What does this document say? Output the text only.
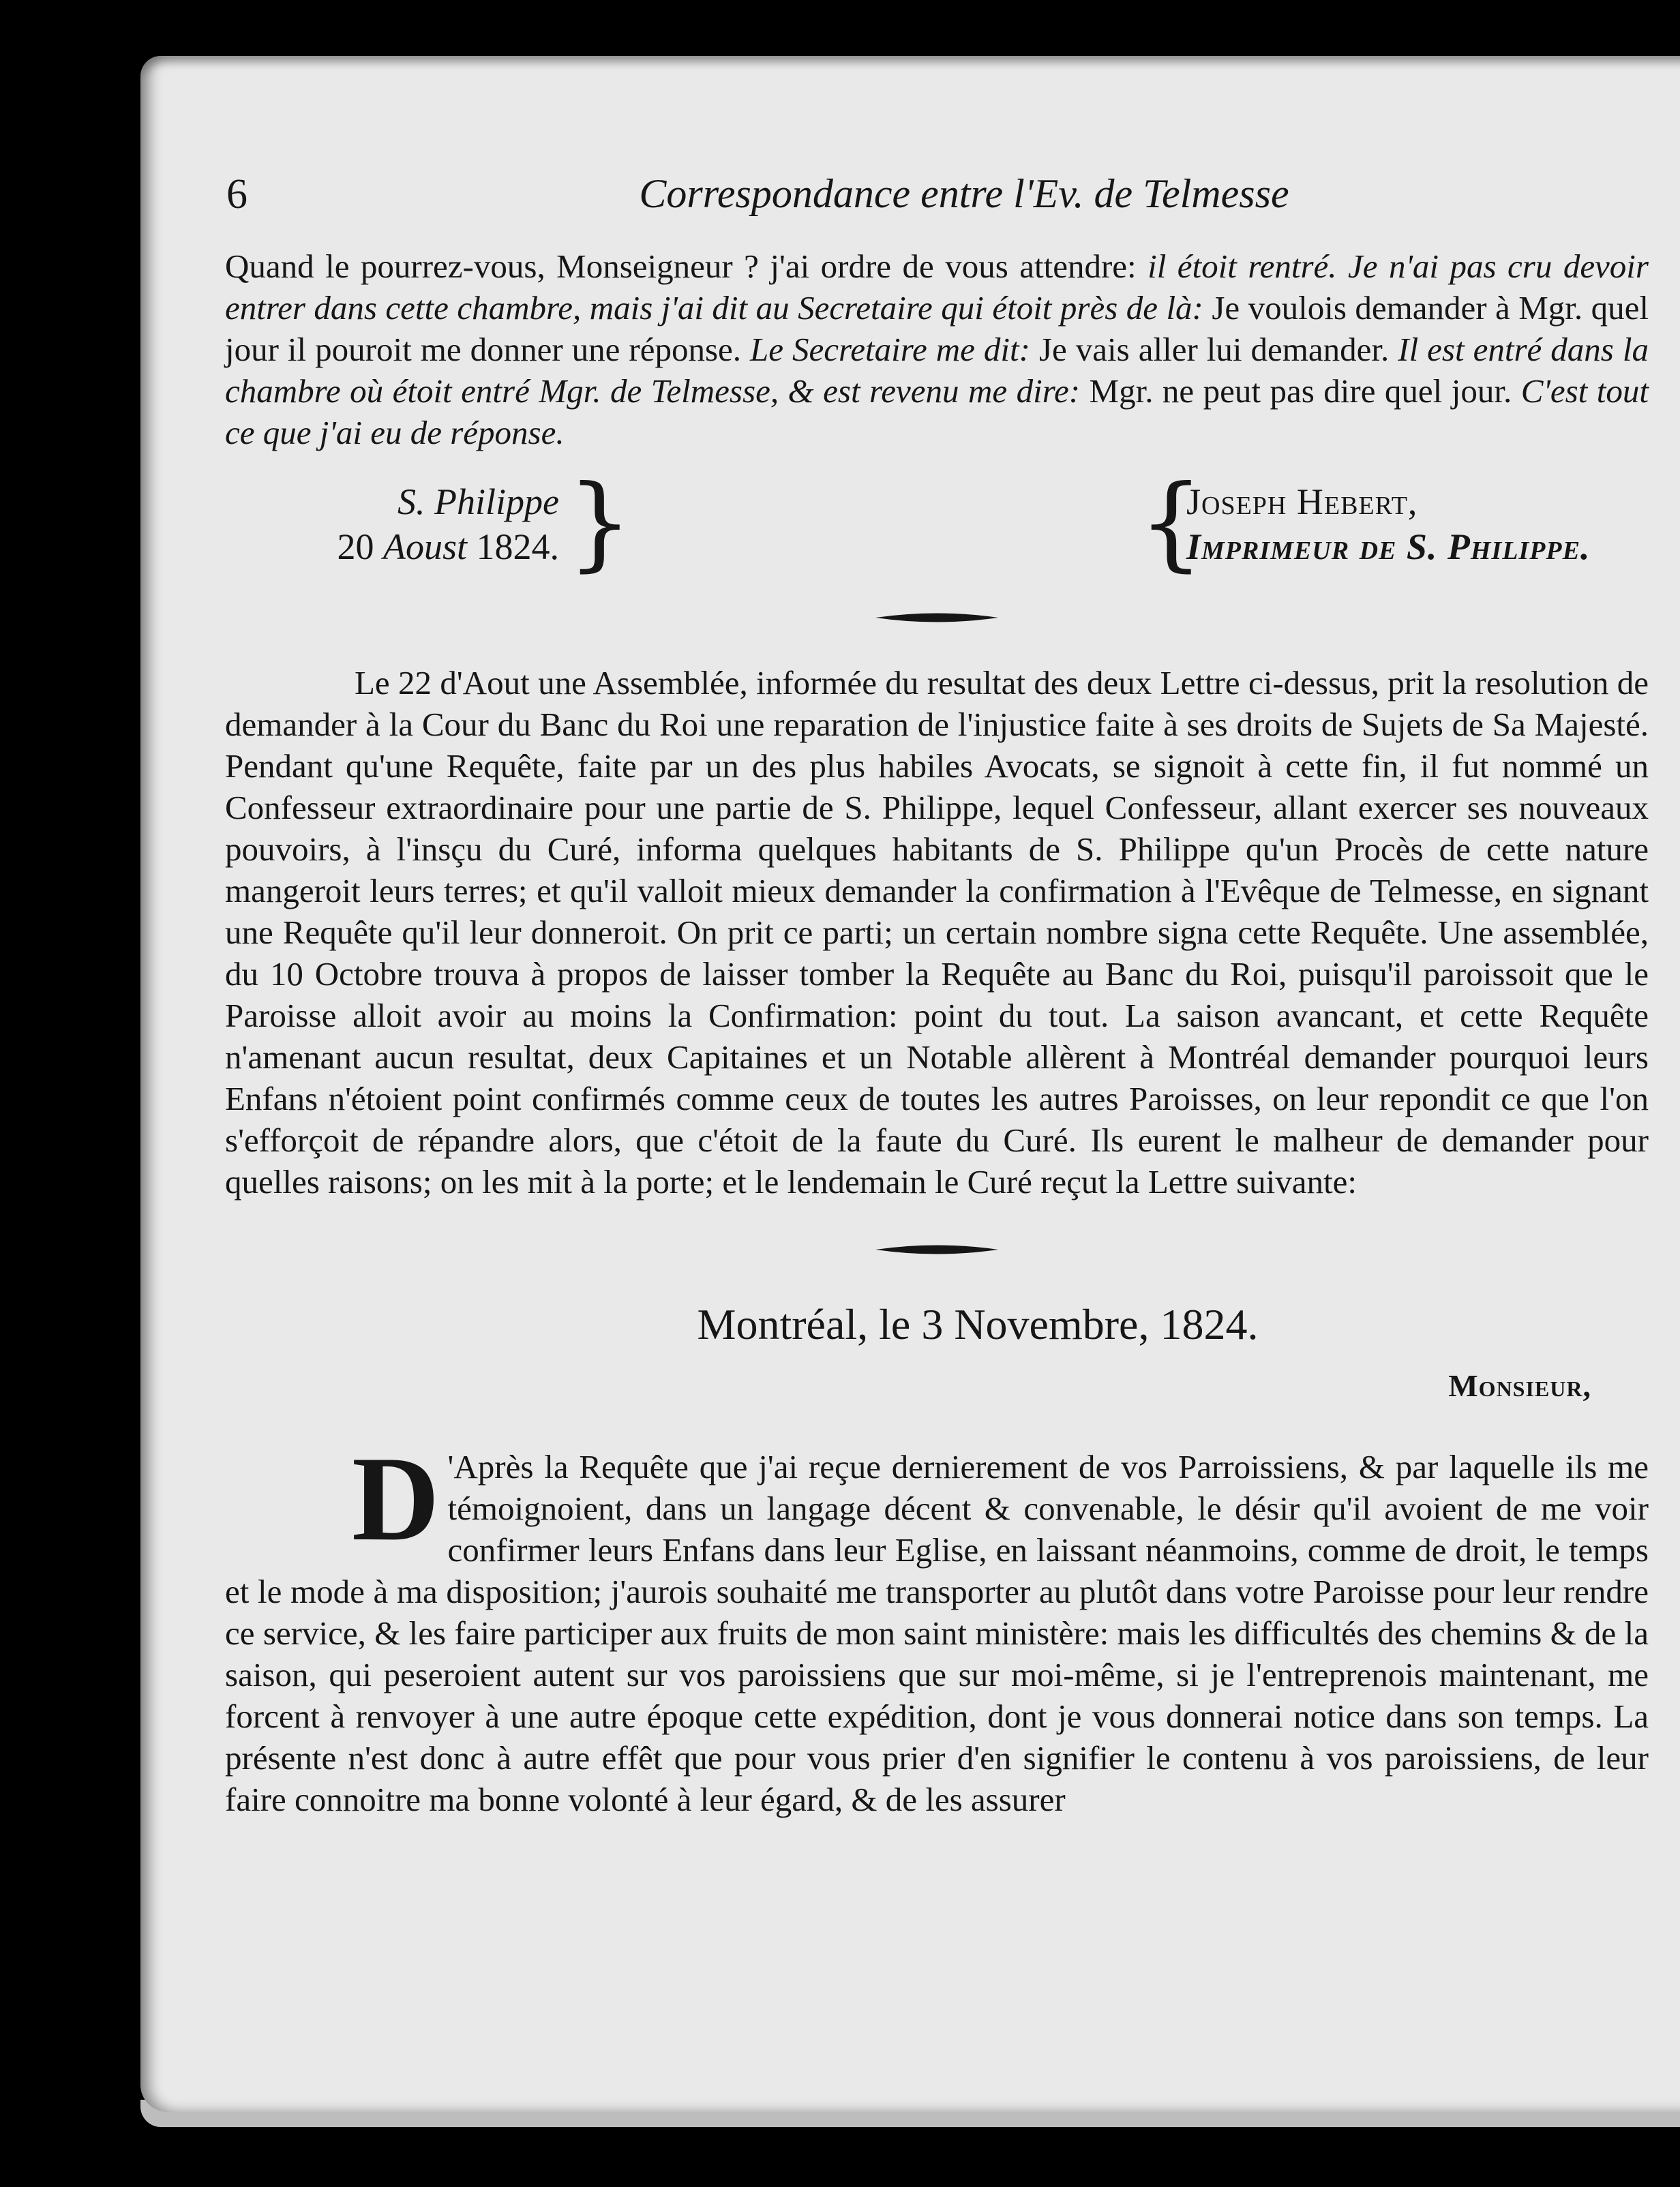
6	Correspondance entre l'Ev. de Telmesse

Quand le pourrez-vous, Monseigneur ? j'ai ordre de vous attendre: il étoit rentré. Je n'ai pas cru devoir entrer dans cette chambre, mais j'ai dit au Secretaire qui étoit près de là: Je voulois demander à Mgr. quel jour il pouroit me donner une réponse. Le Secretaire me dit: Je vais aller lui demander. Il est entré dans la chambre où étoit entré Mgr. de Telmesse, & est revenu me dire: Mgr. ne peut pas dire quel jour. C'est tout ce que j'ai eu de réponse.

S. Philippe
20 Aoust 1824. }	{
Joseph Hebert,
Imprimeur de S. Philippe.

Le 22 d'Aout une Assemblée, informée du resultat des deux Lettre ci-dessus, prit la resolution de demander à la Cour du Banc du Roi une reparation de l'injustice faite à ses droits de Sujets de Sa Majesté. Pendant qu'une Requête, faite par un des plus habiles Avocats, se signoit à cette fin, il fut nommé un Confesseur extraordinaire pour une partie de S. Philippe, lequel Confesseur, allant exercer ses nouveaux pouvoirs, à l'insçu du Curé, informa quelques habitants de S. Philippe qu'un Procès de cette nature mangeroit leurs terres; et qu'il valloit mieux demander la confirmation à l'Evêque de Telmesse, en signant une Requête qu'il leur donneroit. On prit ce parti; un certain nombre signa cette Requête. Une assemblée, du 10 Octobre trouva à propos de laisser tomber la Requête au Banc du Roi, puisqu'il paroissoit que le Paroisse alloit avoir au moins la Confirmation: point du tout. La saison avancant, et cette Requête n'amenant aucun resultat, deux Capitaines et un Notable allèrent à Montréal demander pourquoi leurs Enfans n'étoient point confirmés comme ceux de toutes les autres Paroisses, on leur repondit ce que l'on s'efforçoit de répandre alors, que c'étoit de la faute du Curé. Ils eurent le malheur de demander pour quelles raisons; on les mit à la porte; et le lendemain le Curé reçut la Lettre suivante:

Montréal, le 3 Novembre, 1824.

Monsieur,

D 'Après la Requête que j'ai reçue dernierement de vos Parroissiens, & par laquelle ils me témoignoient, dans un langage décent & convenable, le désir qu'il avoient de me voir confirmer leurs Enfans dans leur Eglise, en laissant néanmoins, comme de droit, le temps et le mode à ma disposition; j'aurois souhaité me transporter au plutôt dans votre Paroisse pour leur rendre ce service, & les faire participer aux fruits de mon saint ministère: mais les difficultés des chemins & de la saison, qui peseroient autent sur vos paroissiens que sur moi-même, si je l'entreprenois maintenant, me forcent à renvoyer à une autre époque cette expédition, dont je vous donnerai notice dans son temps. La présente n'est donc à autre effêt que pour vous prier d'en signifier le contenu à vos paroissiens, de leur faire connoitre ma bonne volonté à leur égard, & de les assurer
